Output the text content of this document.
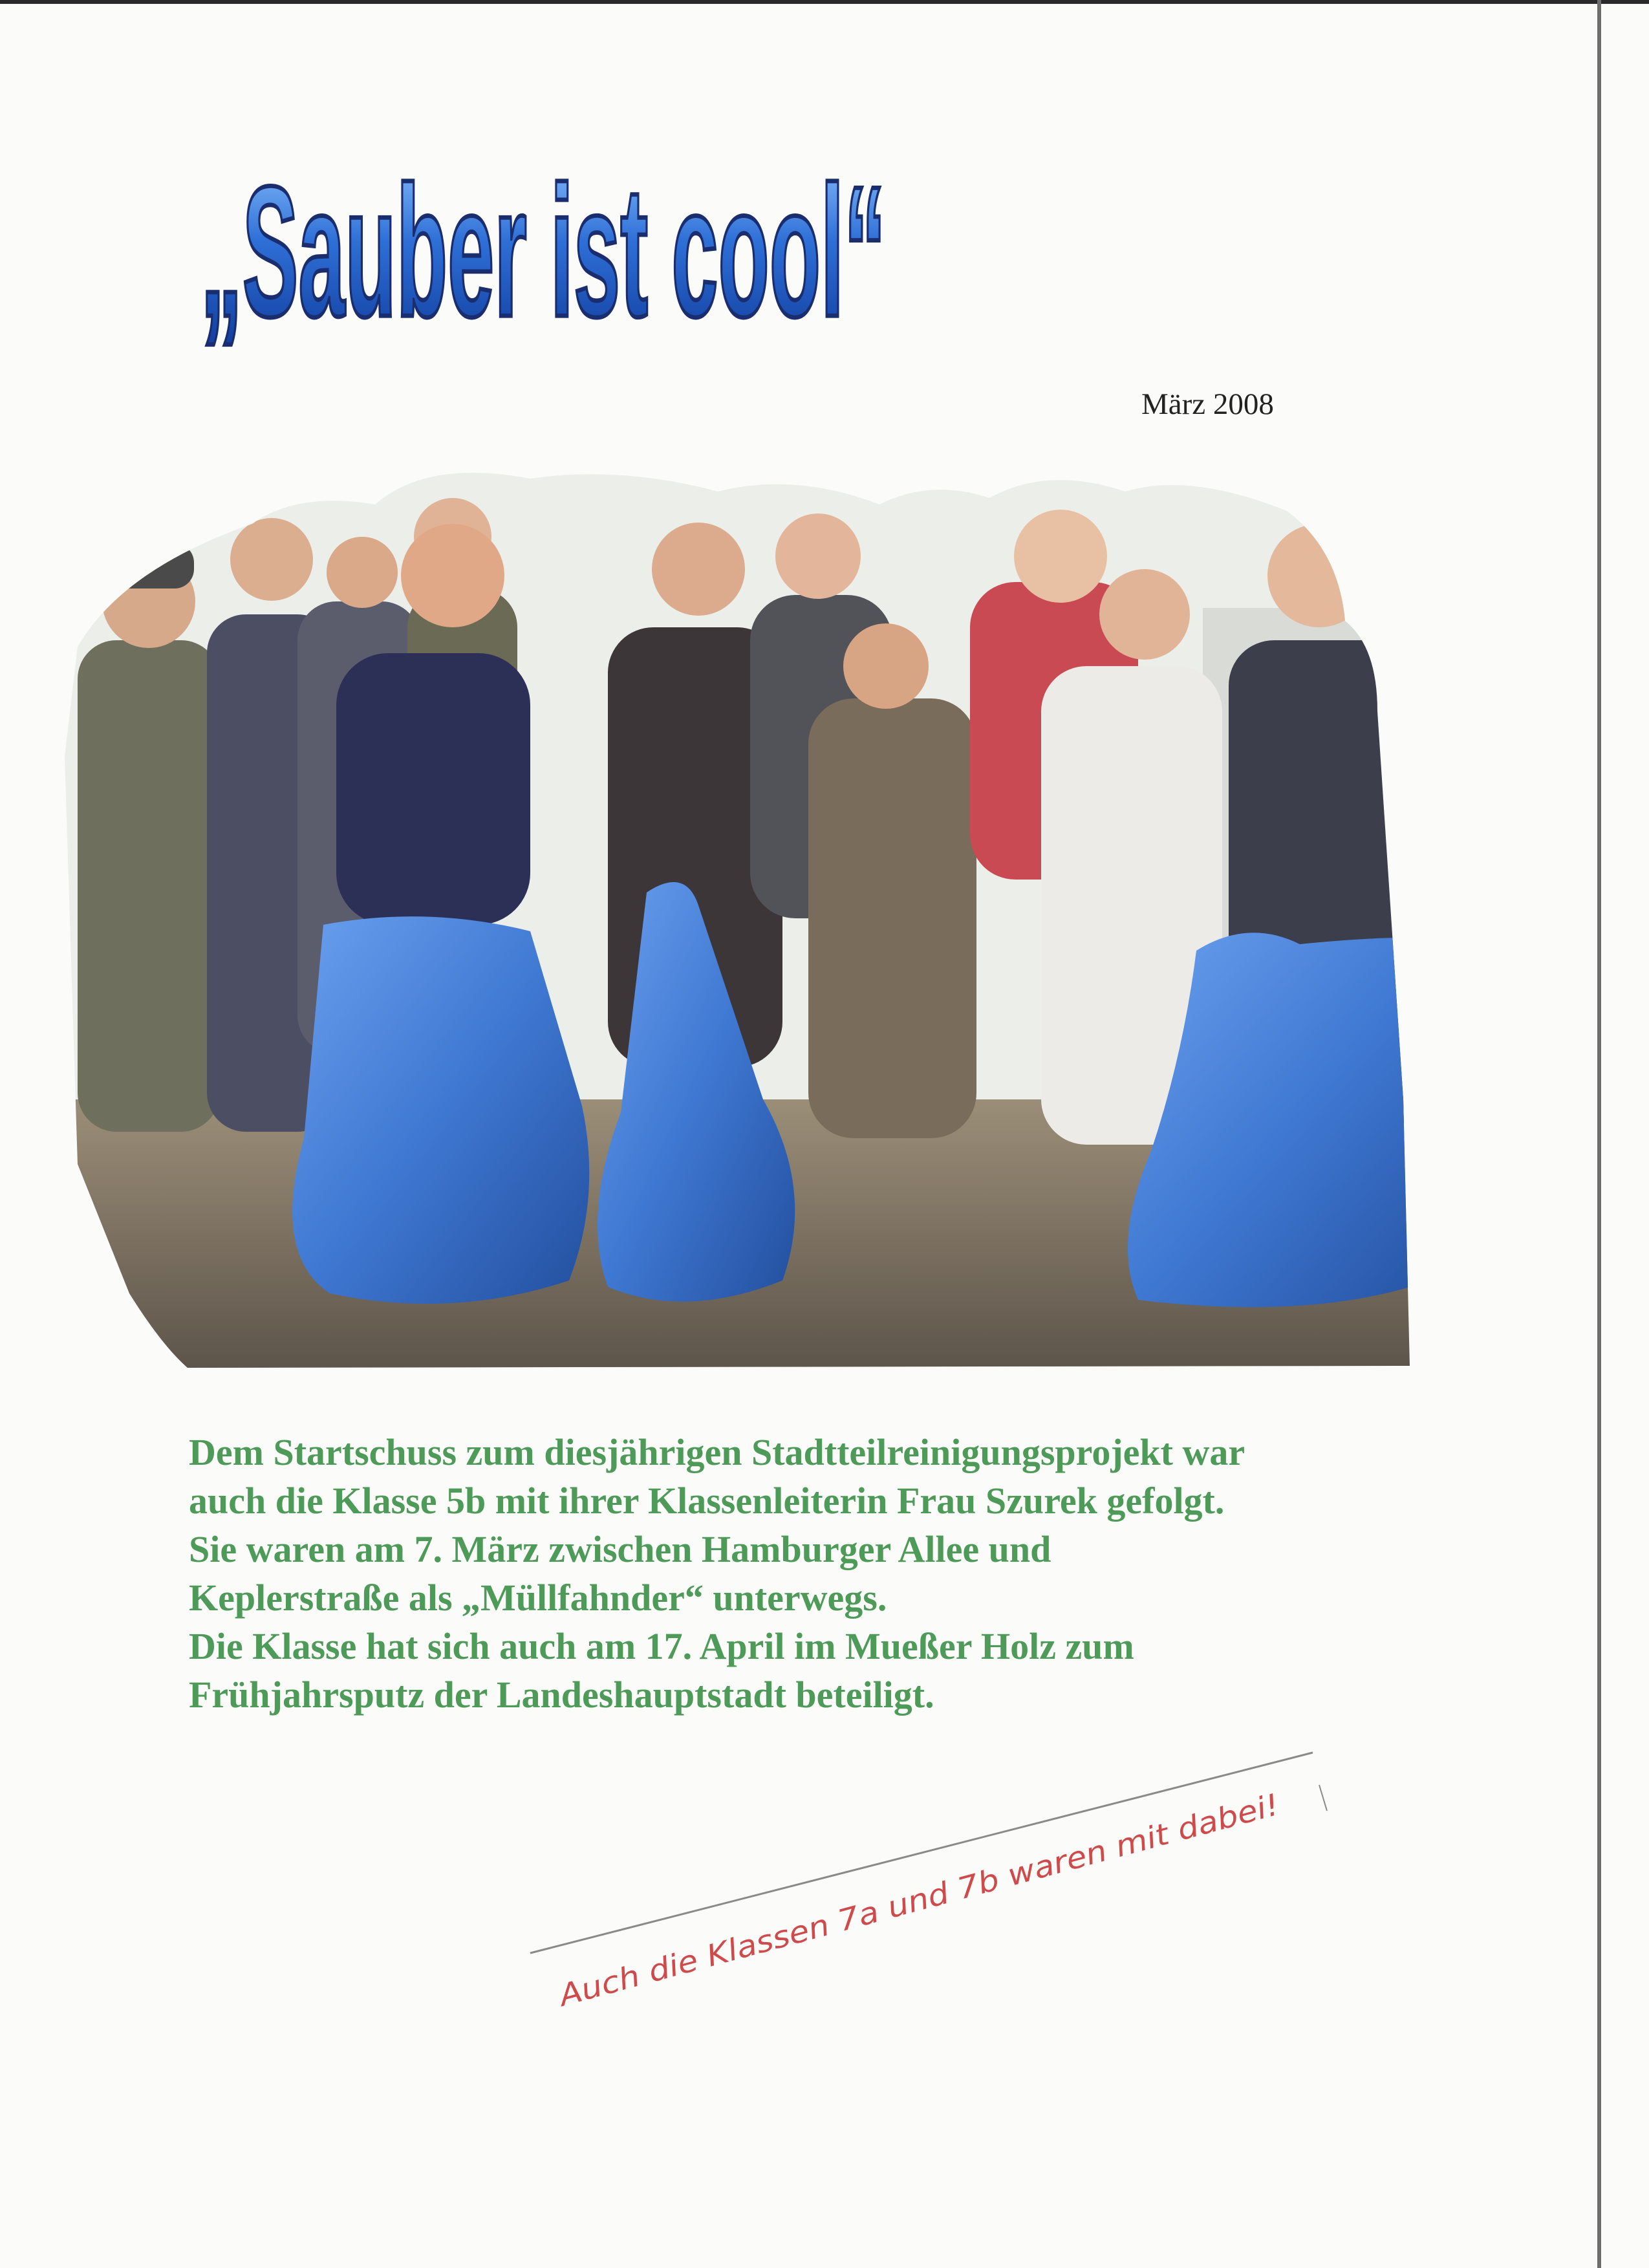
„Sauber ist cool“
März 2008

Dem Startschuss zum diesjährigen Stadtteilreinigungsprojekt war

auch die Klasse 5b mit ihrer Klassenleiterin Frau Szurek gefolgt.

Sie waren am 7. März zwischen Hamburger Allee und

Keplerstraße als „Müllfahnder“ unterwegs.

Die Klasse hat sich auch am 17. April im Mueßer Holz zum

Frühjahrsputz der Landeshauptstadt beteiligt.

Auch die Klassen 7a und 7b waren mit dabei!
